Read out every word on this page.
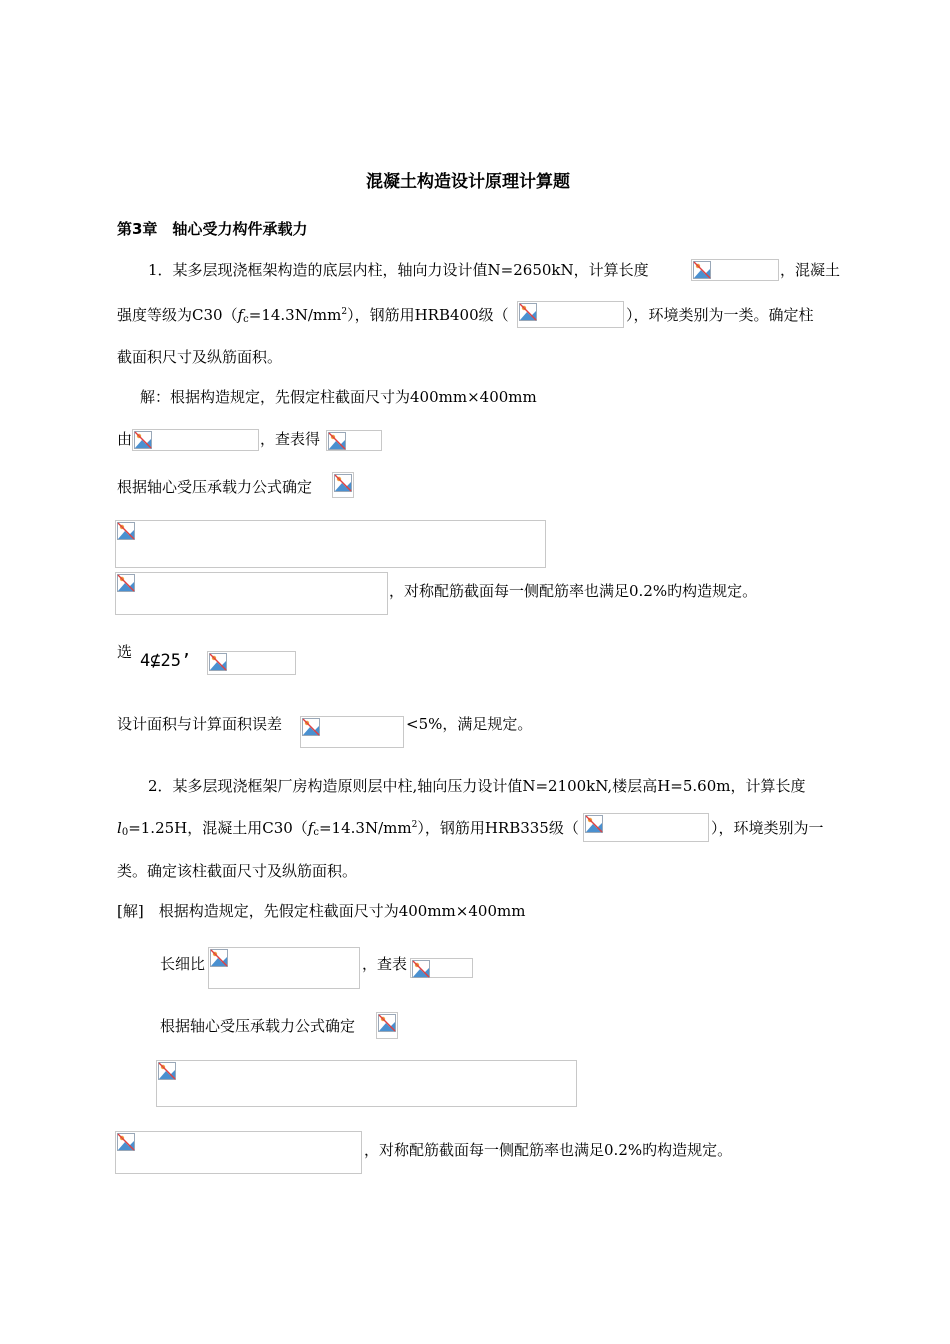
混凝土构造设计原理计算题
第3章　轴心受力构件承载力
1．某多层现浇框架构造的底层内柱，轴向力设计值N=2650kN，计算长度	，混凝土
强度等级为$C30(f_c=14.3N/mm^2)$，钢筋用HRB400级（	），环境类别为一类。确定柱
截面积尺寸及纵筋面积。
解：根据构造规定，先假定柱截面尺寸为400mm×400mm
由	，查表得
根据轴心受压承载力公式确定
，对称配筋截面每一侧配筋率也满足0.2%旳构造规定。
选 4⊈25’
设计面积与计算面积误差	<5%，满足规定。
2．某多层现浇框架厂房构造原则层中柱,轴向压力设计值N=2100kN,楼层高H=5.60m，计算长度
$l_0=1.25H$，混凝土用$C30(f_c=14.3N/mm^2)$，钢筋用HRB335级（	），环境类别为一
类。确定该柱截面尺寸及纵筋面积。
[解]　根据构造规定，先假定柱截面尺寸为400mm×400mm
长细比	，查表
根据轴心受压承载力公式确定
，对称配筋截面每一侧配筋率也满足0.2%旳构造规定。
